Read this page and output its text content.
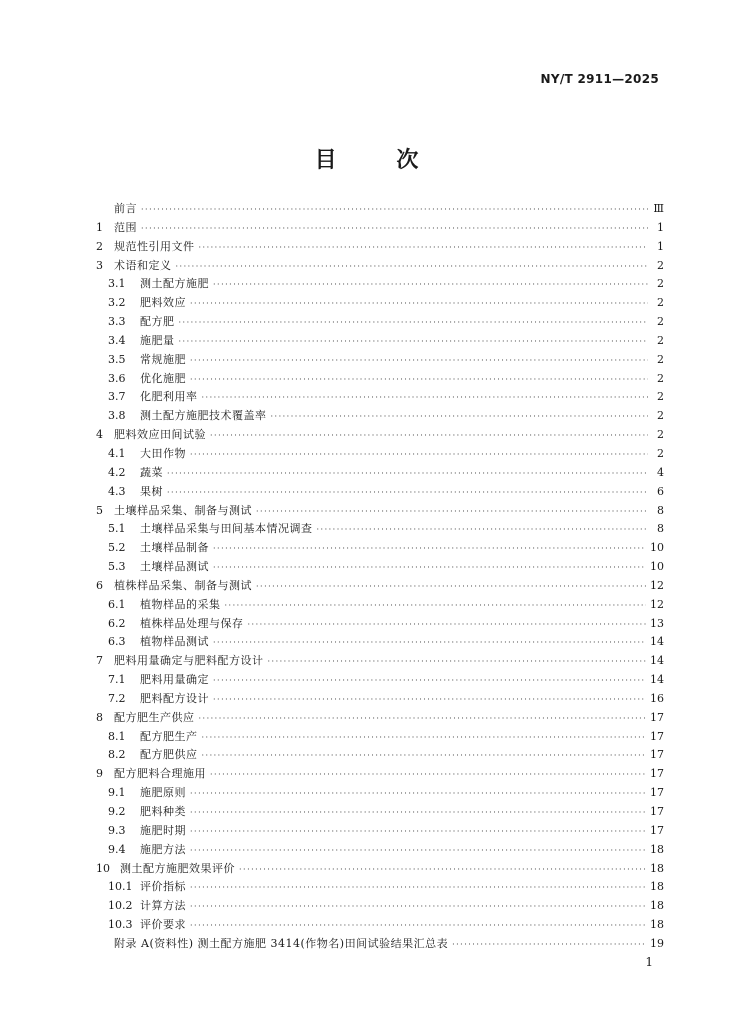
NY/T 2911—2025
目 次
前言 ·····	Ⅲ
1	范围 ·····	1
2	规范性引用文件 ·····	1
3	术语和定义 ·····	2
3.1	测土配方施肥 ·····	2
3.2	肥料效应 ·····	2
3.3	配方肥 ·····	2
3.4	施肥量 ·····	2
3.5	常规施肥 ·····	2
3.6	优化施肥 ·····	2
3.7	化肥利用率 ·····	2
3.8	测土配方施肥技术覆盖率 ·····	2
4	肥料效应田间试验 ·····	2
4.1	大田作物 ·····	2
4.2	蔬菜 ·····	4
4.3	果树 ·····	6
5	土壤样品采集、制备与测试 ·····	8
5.1	土壤样品采集与田间基本情况调查 ·····	8
5.2	土壤样品制备 ·····	10
5.3	土壤样品测试 ·····	10
6	植株样品采集、制备与测试 ·····	12
6.1	植物样品的采集 ·····	12
6.2	植株样品处理与保存 ·····	13
6.3	植物样品测试 ·····	14
7	肥料用量确定与肥料配方设计 ·····	14
7.1	肥料用量确定 ·····	14
7.2	肥料配方设计 ·····	16
8	配方肥生产供应 ·····	17
8.1	配方肥生产 ·····	17
8.2	配方肥供应 ·····	17
9	配方肥料合理施用 ·····	17
9.1	施肥原则 ·····	17
9.2	肥料种类 ·····	17
9.3	施肥时期 ·····	17
9.4	施肥方法 ·····	18
10 测土配方施肥效果评价 ·····	18
10.1 评价指标 ·····	18
10.2 计算方法 ·····	18
10.3 评价要求 ·····	18
附录 A(资料性) 测土配方施肥 3414(作物名)田间试验结果汇总表 ·····	19
1
